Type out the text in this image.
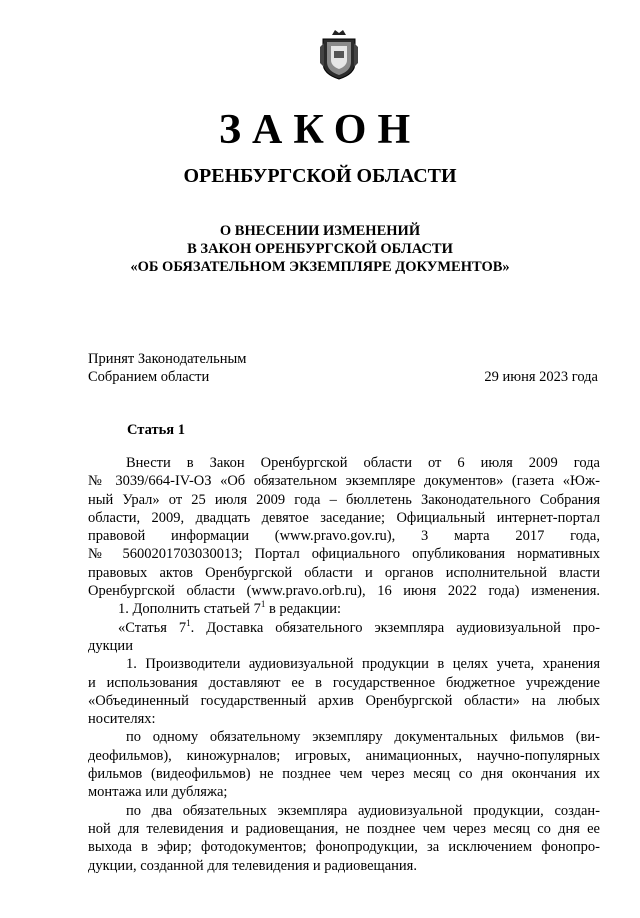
ЗАКОН
ОРЕНБУРГСКОЙ ОБЛАСТИ
О ВНЕСЕНИИ ИЗМЕНЕНИЙ
В ЗАКОН ОРЕНБУРГСКОЙ ОБЛАСТИ
«ОБ ОБЯЗАТЕЛЬНОМ ЭКЗЕМПЛЯРЕ ДОКУМЕНТОВ»
Принят Законодательным
Собранием области	29 июня 2023 года
Статья 1
Внести в Закон Оренбургской области от 6 июля 2009 года
№ 3039/664-IV-ОЗ «Об обязательном экземпляре документов» (газета «Юж-
ный Урал» от 25 июля 2009 года – бюллетень Законодательного Собрания
области, 2009, двадцать девятое заседание; Официальный интернет-портал
правовой информации (www.pravo.gov.ru), 3 марта 2017 года,
№ 5600201703030013; Портал официального опубликования нормативных
правовых актов Оренбургской области и органов исполнительной власти
Оренбургской области (www.pravo.orb.ru), 16 июня 2022 года) изменения.
1. Дополнить статьей $7^1$ в редакции:
«Статья $7^1$. Доставка обязательного экземпляра аудиовизуальной про-
дукции
1. Производители аудиовизуальной продукции в целях учета, хранения
и использования доставляют ее в государственное бюджетное учреждение
«Объединенный государственный архив Оренбургской области» на любых
носителях:
по одному обязательному экземпляру документальных фильмов (ви-
деофильмов), киножурналов; игровых, анимационных, научно-популярных
фильмов (видеофильмов) не позднее чем через месяц со дня окончания их
монтажа или дубляжа;
по два обязательных экземпляра аудиовизуальной продукции, создан-
ной для телевидения и радиовещания, не позднее чем через месяц со дня ее
выхода в эфир; фотодокументов; фонопродукции, за исключением фонопро-
дукции, созданной для телевидения и радиовещания.
